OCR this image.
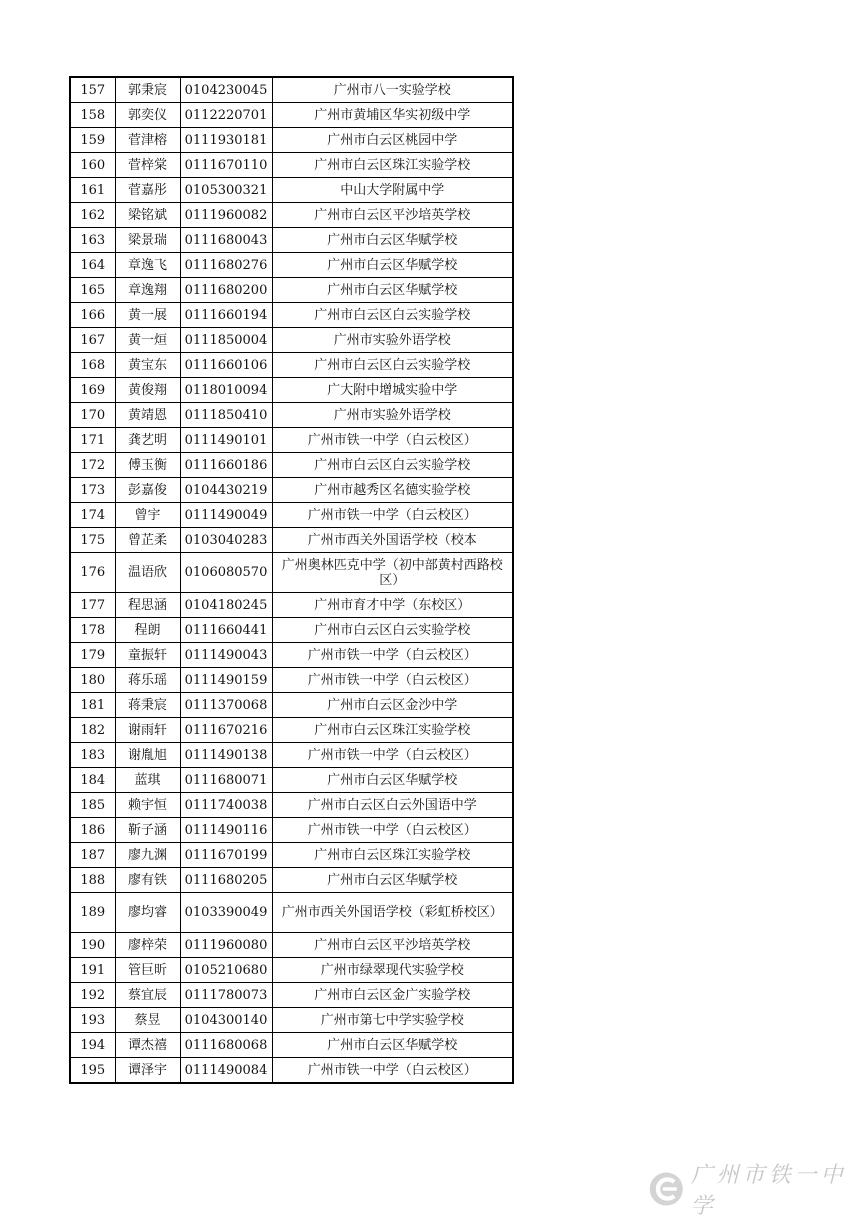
157	郭秉宸	0104230045	广州市八一实验学校
158	郭奕仪	0112220701	广州市黄埔区华实初级中学
159	菅津榕	0111930181	广州市白云区桃园中学
160	菅梓棠	0111670110	广州市白云区珠江实验学校
161	菅嘉彤	0105300321	中山大学附属中学
162	梁铭斌	0111960082	广州市白云区平沙培英学校
163	梁景瑞	0111680043	广州市白云区华赋学校
164	章逸飞	0111680276	广州市白云区华赋学校
165	章逸翔	0111680200	广州市白云区华赋学校
166	黄一展	0111660194	广州市白云区白云实验学校
167	黄一烜	0111850004	广州市实验外语学校
168	黄宝东	0111660106	广州市白云区白云实验学校
169	黄俊翔	0118010094	广大附中增城实验中学
170	黄靖恩	0111850410	广州市实验外语学校
171	龚艺明	0111490101	广州市铁一中学（白云校区）
172	傅玉衡	0111660186	广州市白云区白云实验学校
173	彭嘉俊	0104430219	广州市越秀区名德实验学校
174	曾宇	0111490049	广州市铁一中学（白云校区）
175	曾芷柔	0103040283	广州市西关外国语学校（校本
176	温语欣	0106080570	广州奥林匹克中学（初中部黄村西路校区）
177	程思涵	0104180245	广州市育才中学（东校区）
178	程朗	0111660441	广州市白云区白云实验学校
179	童振轩	0111490043	广州市铁一中学（白云校区）
180	蒋乐瑶	0111490159	广州市铁一中学（白云校区）
181	蒋秉宸	0111370068	广州市白云区金沙中学
182	谢雨轩	0111670216	广州市白云区珠江实验学校
183	谢胤旭	0111490138	广州市铁一中学（白云校区）
184	蓝琪	0111680071	广州市白云区华赋学校
185	赖宇恒	0111740038	广州市白云区白云外国语中学
186	靳子涵	0111490116	广州市铁一中学（白云校区）
187	廖九渊	0111670199	广州市白云区珠江实验学校
188	廖有铁	0111680205	广州市白云区华赋学校
189	廖均睿	0103390049	广州市西关外国语学校（彩虹桥校区）
190	廖梓荣	0111960080	广州市白云区平沙培英学校
191	管巨昕	0105210680	广州市绿翠现代实验学校
192	蔡宜辰	0111780073	广州市白云区金广实验学校
193	蔡昱	0104300140	广州市第七中学实验学校
194	谭杰禧	0111680068	广州市白云区华赋学校
195	谭泽宇	0111490084	广州市铁一中学（白云校区）
广州市铁一中学
